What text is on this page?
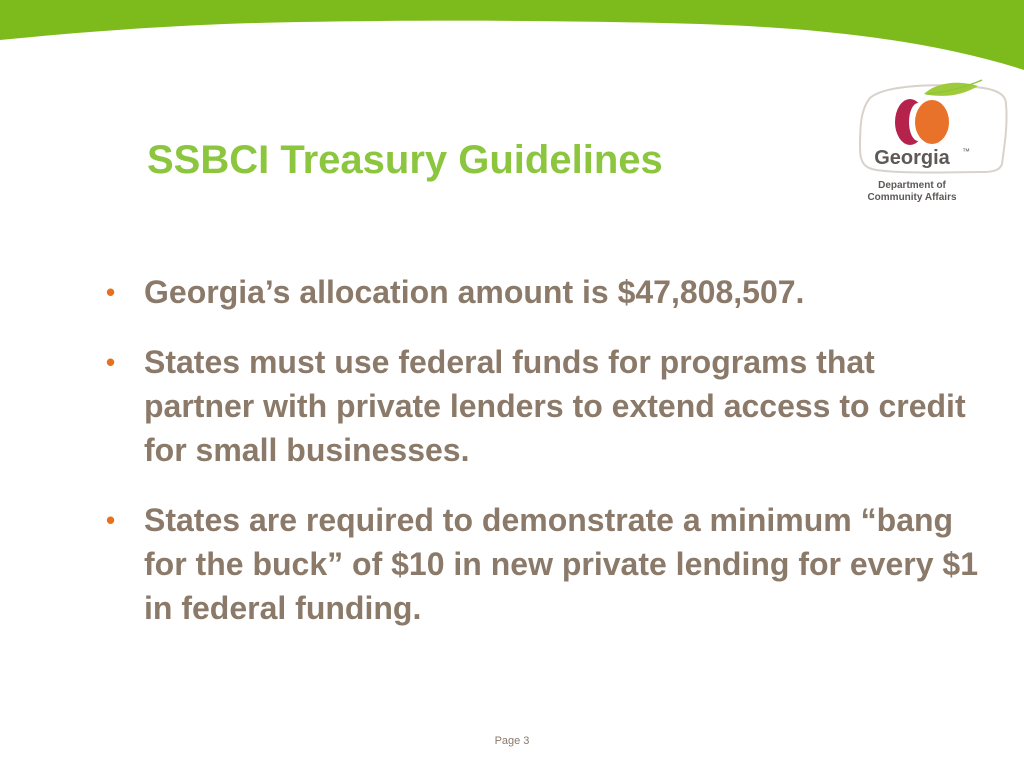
Georgia ™
Department of
Community Affairs
SSBCI Treasury Guidelines
• Georgia’s allocation amount is $47,808,507.
• States must use federal funds for programs that partner with private lenders to extend access to credit for small businesses.
• States are required to demonstrate a minimum “bang for the buck” of $10 in new private lending for every $1 in federal funding.
Page 3
